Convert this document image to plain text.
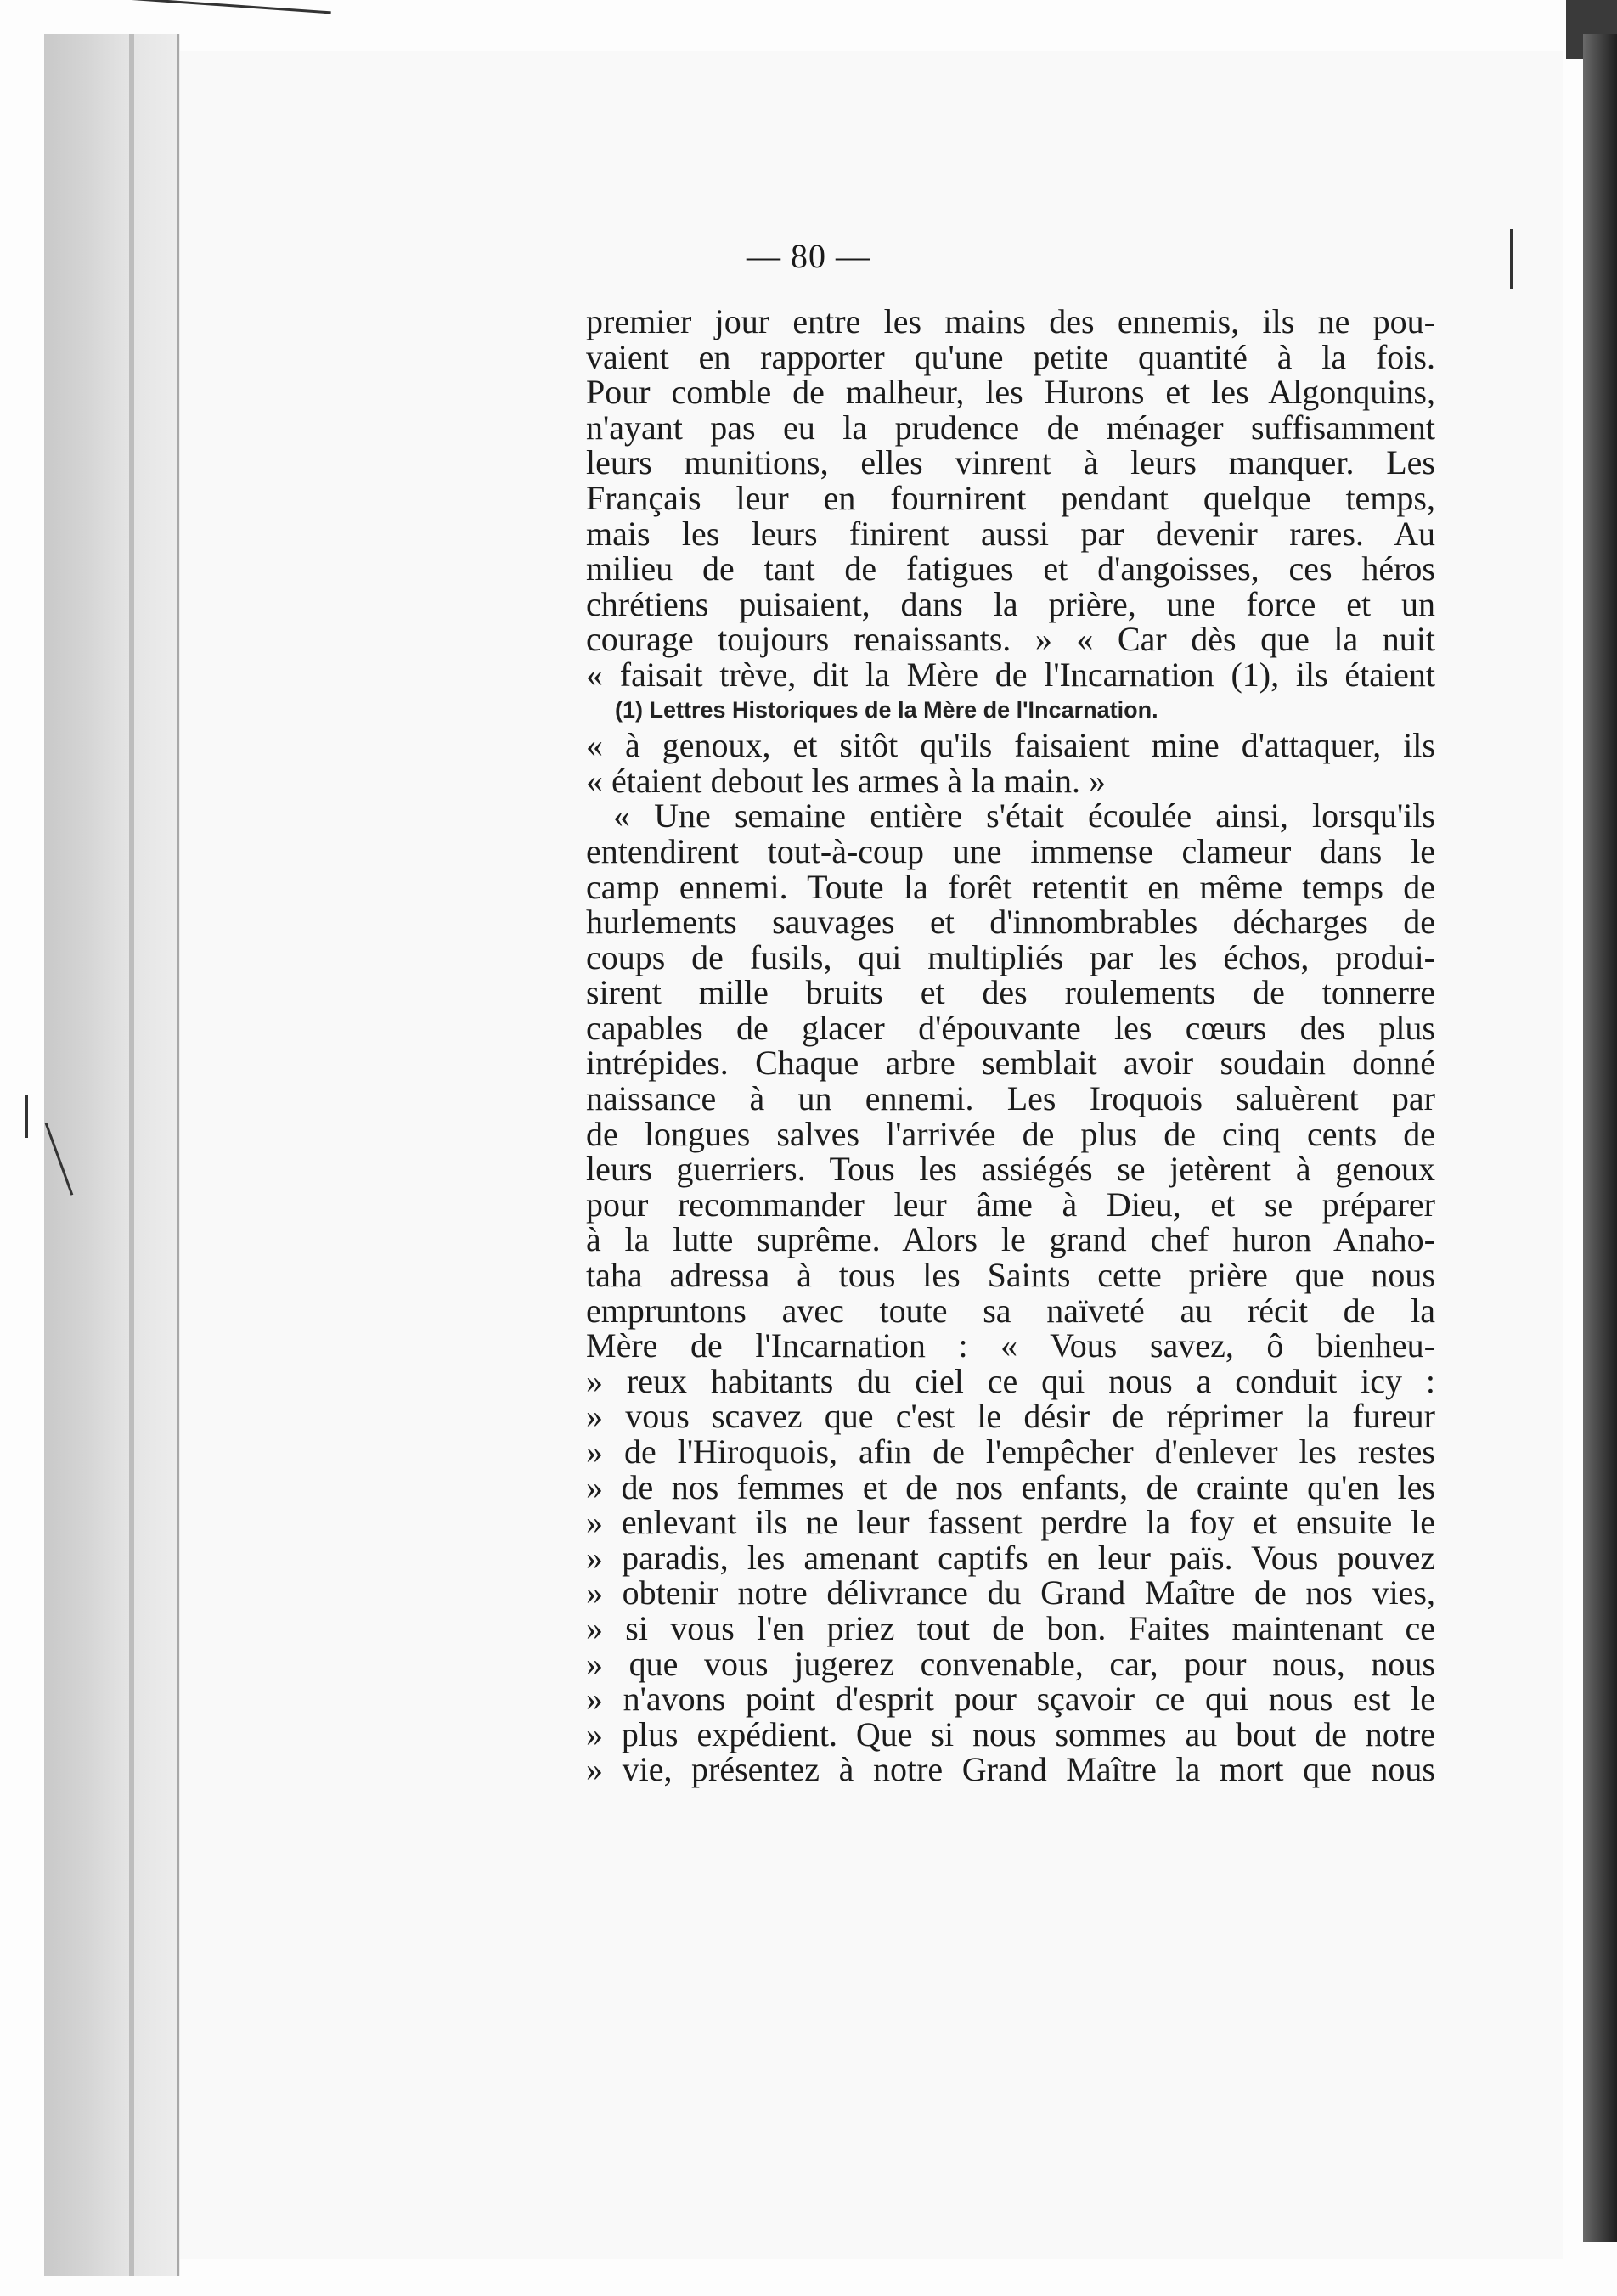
— 80 —
premier jour entre les mains des ennemis, ils ne pou-
vaient en rapporter qu'une petite quantité à la fois.
Pour comble de malheur, les Hurons et les Algonquins,
n'ayant pas eu la prudence de ménager suffisamment
leurs munitions, elles vinrent à leurs manquer. Les
Français leur en fournirent pendant quelque temps,
mais les leurs finirent aussi par devenir rares. Au
milieu de tant de fatigues et d'angoisses, ces héros
chrétiens puisaient, dans la prière, une force et un
courage toujours renaissants. » « Car dès que la nuit
« faisait trève, dit la Mère de l'Incarnation (1), ils étaient
(1) Lettres Historiques de la Mère de l'Incarnation.
« à genoux, et sitôt qu'ils faisaient mine d'attaquer, ils
« étaient debout les armes à la main. »
« Une semaine entière s'était écoulée ainsi, lorsqu'ils
entendirent tout-à-coup une immense clameur dans le
camp ennemi. Toute la forêt retentit en même temps de
hurlements sauvages et d'innombrables décharges de
coups de fusils, qui multipliés par les échos, produi-
sirent mille bruits et des roulements de tonnerre
capables de glacer d'épouvante les cœurs des plus
intrépides. Chaque arbre semblait avoir soudain donné
naissance à un ennemi. Les Iroquois saluèrent par
de longues salves l'arrivée de plus de cinq cents de
leurs guerriers. Tous les assiégés se jetèrent à genoux
pour recommander leur âme à Dieu, et se préparer
à la lutte suprême. Alors le grand chef huron Anaho-
taha adressa à tous les Saints cette prière que nous
empruntons avec toute sa naïveté au récit de la
Mère de l'Incarnation : « Vous savez, ô bienheu-
» reux habitants du ciel ce qui nous a conduit icy :
» vous scavez que c'est le désir de réprimer la fureur
» de l'Hiroquois, afin de l'empêcher d'enlever les restes
» de nos femmes et de nos enfants, de crainte qu'en les
» enlevant ils ne leur fassent perdre la foy et ensuite le
» paradis, les amenant captifs en leur païs. Vous pouvez
» obtenir notre délivrance du Grand Maître de nos vies,
» si vous l'en priez tout de bon. Faites maintenant ce
» que vous jugerez convenable, car, pour nous, nous
» n'avons point d'esprit pour sçavoir ce qui nous est le
» plus expédient. Que si nous sommes au bout de notre
» vie, présentez à notre Grand Maître la mort que nous
